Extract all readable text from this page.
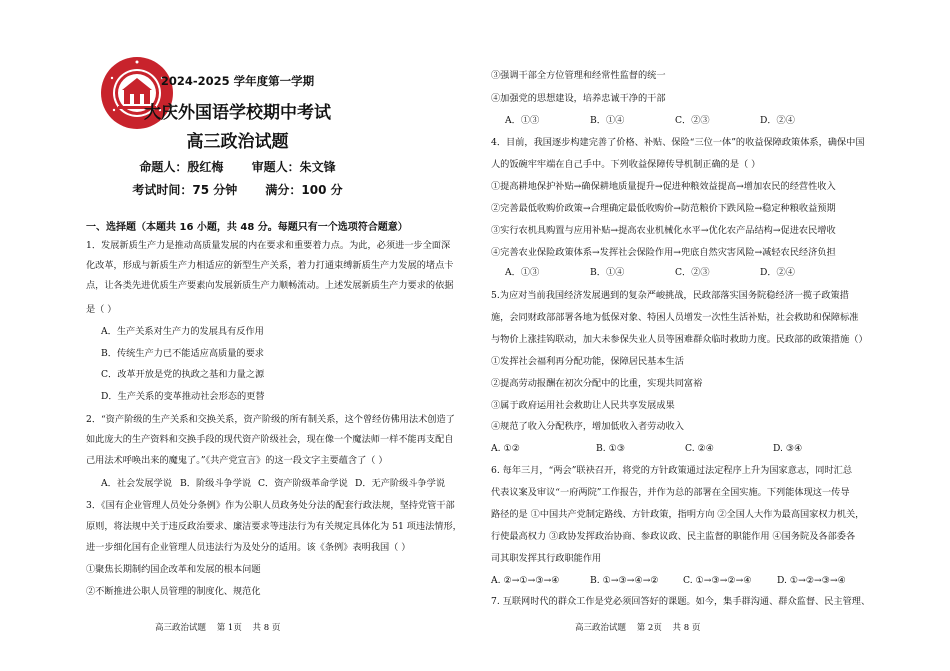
2024-2025 学年度第一学期
大庆外国语学校期中考试
高三政治试题
命题人：殷红梅 审题人：朱文锋
考试时间：75 分钟 满分：100 分
一、选择题（本题共 16 小题，共 48 分。每题只有一个选项符合题意）
1．发展新质生产力是推动高质量发展的内在要求和重要着力点。为此，必须进一步全面深
化改革，形成与新质生产力相适应的新型生产关系，着力打通束缚新质生产力发展的堵点卡
点，让各类先进优质生产要素向发展新质生产力顺畅流动。上述发展新质生产力要求的依据
是（ ）
A．生产关系对生产力的发展具有反作用
B．传统生产力已不能适应高质量的要求
C．改革开放是党的执政之基和力量之源
D．生产关系的变革推动社会形态的更替
2．“资产阶级的生产关系和交换关系，资产阶级的所有制关系，这个曾经仿佛用法术创造了
如此庞大的生产资料和交换手段的现代资产阶级社会，现在像一个魔法师一样不能再支配自
己用法术呼唤出来的魔鬼了。”《共产党宣言》的这一段文字主要蕴含了（ ）
A．社会发展学说 B．阶级斗争学说 C．资产阶级革命学说 D．无产阶级斗争学说
3．《国有企业管理人员处分条例》作为公职人员政务处分法的配套行政法规，坚持党管干部
原则，将法规中关于违反政治要求、廉洁要求等违法行为有关规定具体化为 51 项违法情形，
进一步细化国有企业管理人员违法行为及处分的适用。该《条例》表明我国（ ）
①聚焦长期制约国企改革和发展的根本问题
②不断推进公职人员管理的制度化、规范化
高三政治试题 第 1页 共 8 页
③强调干部全方位管理和经常性监督的统一
④加强党的思想建设，培养忠诚干净的干部
A．①③	B．①④	C．②③	D．②④
4．目前，我国逐步构建完善了价格、补贴、保险“三位一体”的收益保障政策体系，确保中国
人的饭碗牢牢端在自己手中。下列收益保障传导机制正确的是（ ）
①提高耕地保护补贴→确保耕地质量提升→促进种粮效益提高→增加农民的经营性收入
②完善最低收购价政策→合理确定最低收购价→防范粮价下跌风险→稳定种粮收益预期
③实行农机具购置与应用补贴→提高农业机械化水平→优化农产品结构→促进农民增收
④完善农业保险政策体系→发挥社会保险作用→兜底自然灾害风险→减轻农民经济负担
A．①③	B．①④	C．②③	D．②④
5.为应对当前我国经济发展遇到的复杂严峻挑战，民政部落实国务院稳经济一揽子政策措
施，会同财政部部署各地为低保对象、特困人员增发一次性生活补贴，社会救助和保障标准
与物价上涨挂钩联动，加大未参保失业人员等困难群众临时救助力度。民政部的政策措施（）
①发挥社会福利再分配功能，保障居民基本生活
②提高劳动报酬在初次分配中的比重，实现共同富裕
③属于政府运用社会救助让人民共享发展成果
④规范了收入分配秩序，增加低收入者劳动收入
A. ①②	B. ①③	C. ②④	D. ③④
6. 每年三月，“两会”联袂召开，将党的方针政策通过法定程序上升为国家意志，同时汇总
代表议案及审议“一府两院”工作报告，并作为总的部署在全国实施。下列能体现这一传导
路径的是 ①中国共产党制定路线、方针政策，指明方向 ②全国人大作为最高国家权力机关，
行使最高权力 ③政协发挥政治协商、参政议政、民主监督的职能作用 ④国务院及各部委各
司其职发挥其行政职能作用
A. ②→①→③→④	B. ①→③→④→②	C. ①→③→②→④	D. ①→②→③→④
7. 互联网时代的群众工作是党必须回答好的课题。如今，集手群沟通、群众监督、民主管理、
高三政治试题 第 2页 共 8 页
